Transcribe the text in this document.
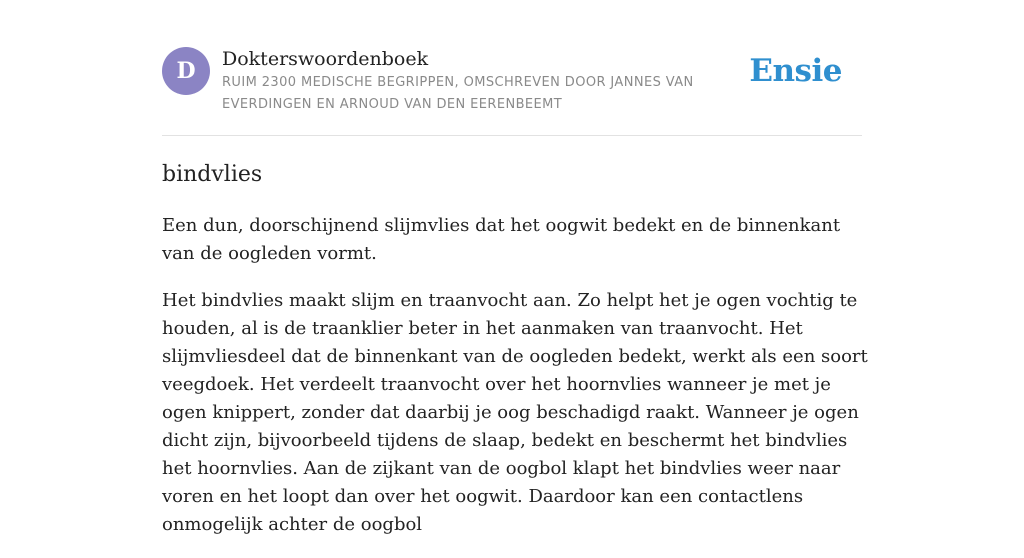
D	Dokterswoordenboek
RUIM 2300 MEDISCHE BEGRIPPEN, OMSCHREVEN DOOR JANNES VAN EVERDINGEN EN ARNOUD VAN DEN EERENBEEMT
Ensie
bindvlies

Een dun, doorschijnend slijmvlies dat het oogwit bedekt en de binnenkant van de oogleden vormt.

Het bindvlies maakt slijm en traanvocht aan. Zo helpt het je ogen vochtig te houden, al is de traanklier beter in het aanmaken van traanvocht. Het slijmvliesdeel dat de binnenkant van de oogleden bedekt, werkt als een soort veegdoek. Het verdeelt traanvocht over het hoornvlies wanneer je met je ogen knippert, zonder dat daarbij je oog beschadigd raakt. Wanneer je ogen dicht zijn, bijvoorbeeld tijdens de slaap, bedekt en beschermt het bindvlies het hoornvlies. Aan de zijkant van de oogbol klapt het bindvlies weer naar voren en het loopt dan over het oogwit. Daardoor kan een contactlens onmogelijk achter de oogbol
